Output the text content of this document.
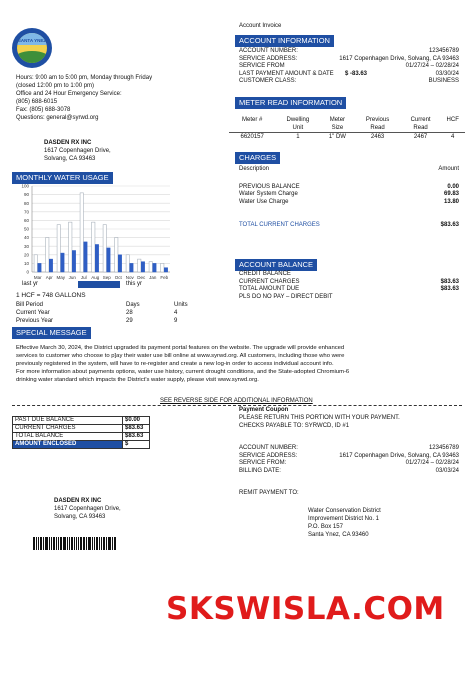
SANTA YNEZ
Hours: 9:00 am to 5:00 pm, Monday through Friday
(closed 12:00 pm to 1:00 pm)
Office and 24 Hour Emergency Service:
(805) 688-6015
Fax: (805) 688-3078
Questions: general@syrwd.org
DASDEN RX INC
1617 Copenhagen Drive,
Solvang, CA 93463
MONTHLY WATER USAGE
0
10
20
30
40
50
60
70
80
90
100
Mar Apr May Jun Jul Aug Sep Oct Nov Dec Jan Feb
last yr	this yr
1 HCF = 748 GALLONS
Bill Period	Days	Units
Current Year	28	4
Previous Year	29	9
Account Invoice
ACCOUNT INFORMATION
ACCOUNT NUMBER:	123456789
SERVICE ADDRESS:	1617 Copenhagen Drive, Solvang, CA 93463
SERVICE FROM	01/27/24 – 02/28/24
LAST PAYMENT AMOUNT & DATE $ -83.63	03/30/24
CUSTOMER CLASS:	BUSINESS
METER READ INFORMATION
Meter #	Dwelling	Meter	Previous	Current	HCF
	Unit	Size	Read	Read	
6620157	1	1" DW	2463	2467	4
CHARGES
Description	Amount
PREVIOUS BALANCE	0.00
Water System Charge	69.83
Water Use Charge	13.80
TOTAL CURRENT CHARGES	$83.63
ACCOUNT BALANCE
CREDIT BALANCE
CURRENT CHARGES	$83.63
TOTAL AMOUNT DUE	$83.63
PLS DO NO PAY – DIRECT DEBIT
SPECIAL MESSAGE
Effective March 30, 2024, the District upgraded its payment portal features on the website. The upgrade will provide enhanced
services to customer who choose to p]ay their water use bill online at www.syrwd.org. All customers, including those who were
previously registered in the system, will have to re-register and create a new log-in order to access individual account info.
For more information about payments options, water use history, current drought conditions, and the State-adopted Chromium-6
drinking water standard which impacts the District's water supply, please visit www.syrwd.org.
SEE REVERSE SIDE FOR ADDITIONAL INFORMATION
PAST DUE BALANCE	$0.00
CURRENT CHARGES	$83.63
TOTAL BALANCE	$83.63
AMOUNT ENCLOSED	$
Payment Coupon
PLEASE RETURN THIS PORTION WITH YOUR PAYMENT.
CHECKS PAYABLE TO: SYRWCD, ID #1
ACCOUNT NUMBER:	123456789
SERVICE ADDRESS:	1617 Copenhagen Drive, Solvang, CA 93463
SERVICE FROM:	01/27/24 – 02/28/24
BILLING DATE:	03/03/24
REMIT PAYMENT TO:
Water Conservation District
Improvement District No. 1
P.O. Box 157
Santa Ynez, CA 93460
DASDEN RX INC
1617 Copenhagen Drive,
Solvang, CA 93463
SKSWISLA.COM
